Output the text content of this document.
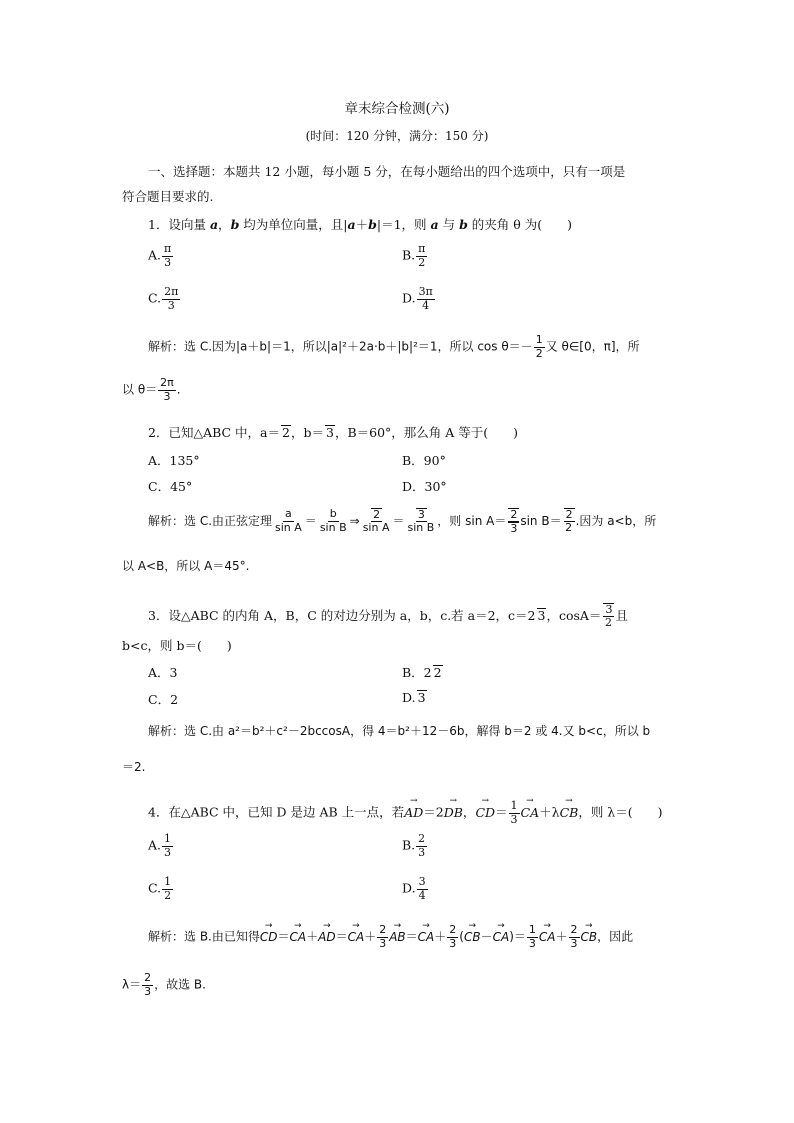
章末综合检测(六)
(时间：120 分钟，满分：150 分)
一、选择题：本题共 12 小题，每小题 5 分，在每小题给出的四个选项中，只有一项是
符合题目要求的.
1．设向量 a，b 均为单位向量，且|a＋b|＝1，则 a 与 b 的夹角 θ 为(　　)
A. $\frac{\pi}{3}$	B. $\frac{\pi}{2}$
C. $\frac{2\pi}{3}$	D. $\frac{3\pi}{4}$
解析：选 C.因为|a＋b|＝1，所以|a|²＋2a·b＋|b|²＝1，所以 $\cos \theta=- \frac{1}{2}$ 又 θ∈[0，π]，所
以 $\theta= \frac{2\pi}{3}$ .
2．已知△ABC 中，a＝ 2，b＝ 3，B＝60°，那么角 A 等于(　　)
A．135°	B．90°
C．45°	D．30°
解析：选 C.由正弦定理 $\frac{a}{\text{sin A}} = \frac{b}{\text{sin B}}$ ⇒ $\frac{2}{\text{sin A}} = \frac{3}{\text{sin B}}$ ，则 $\sin A= \frac{2}{3}$ $\sin B= \frac{2}{2}$ .因为 a<b，所
以 A<B，所以 A＝45°.
3．设△ABC 的内角 A，B，C 的对边分别为 a，b，c.若 a＝2，c＝2 3，$\cos A= \frac{3}{2}$ 且
b<c，则 b＝(　　)
A．3	B．2 2
C．2	D. 3
解析：选 C.由 a²＝b²＋c²－2bccosA，得 4＝b²＋12－6b，解得 b＝2 或 4.又 b<c，所以 b
＝2.
4．在△ABC 中，已知 D 是边 AB 上一点，若→ AD＝2→ DB，→ $CD= \frac{1}{3}$
→ CA＋λ→ CB，则 λ＝(　　)
A. $\frac{1}{3}$	B. $\frac{2}{3}$
C. $\frac{1}{2}$	D. $\frac{3}{4}$
解析：选 B.由已知得→ $CD=\to CA+\to AD=\to CA+ \frac{2}{3}$
→ $AB=\to CA+ \frac{2}{3}$ (→ $CB-\to CA)= \frac{1}{3}$
→ $CA+ \frac{2}{3}$
→ CB，因此
$\lambda= \frac{2}{3}$ ，故选 B.
